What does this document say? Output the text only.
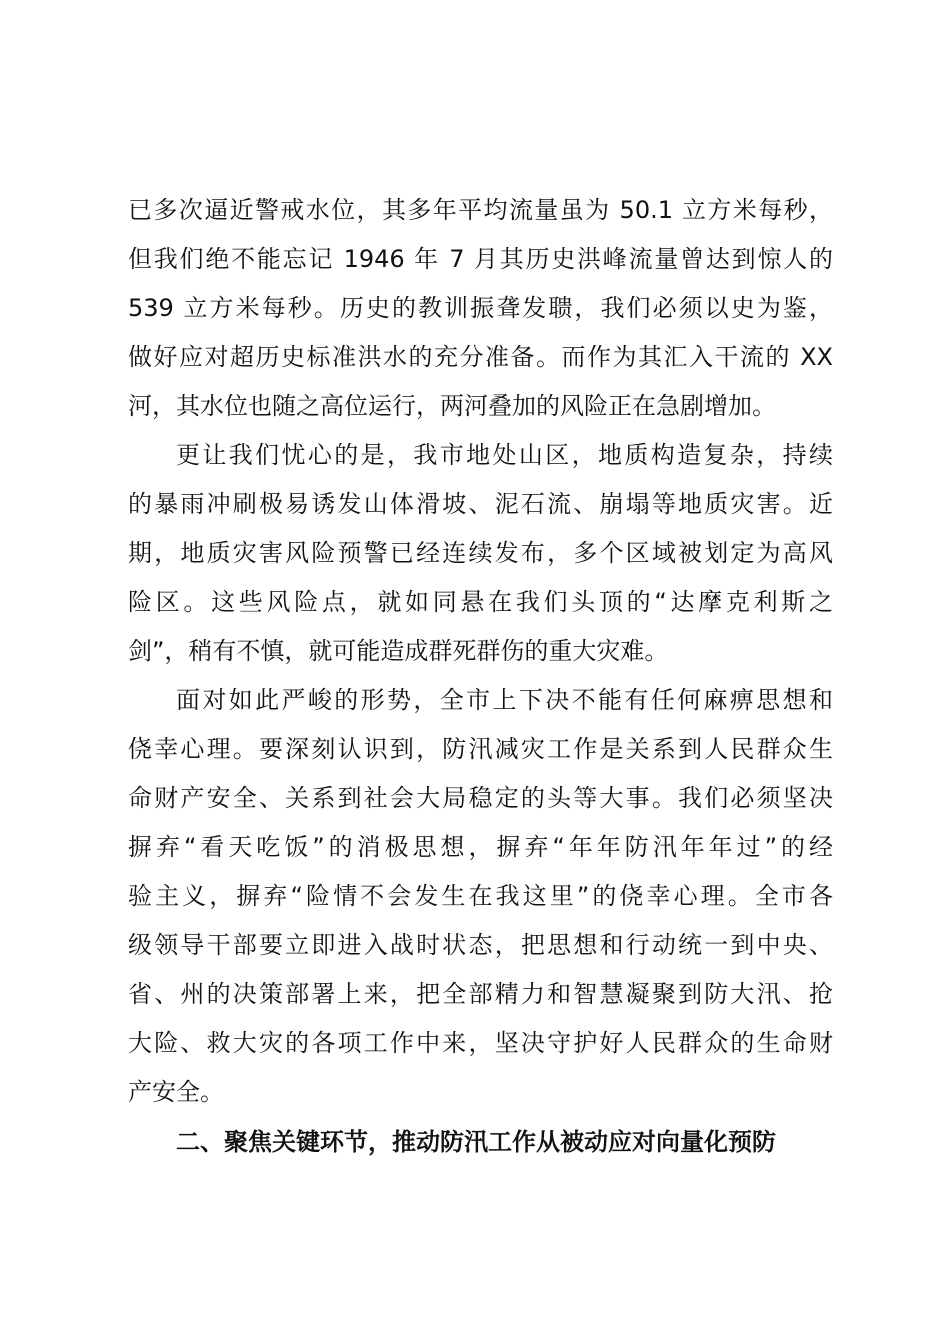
已多次逼近警戒水位，其多年平均流量虽为 50.1 立方米每秒，
但我们绝不能忘记 1946 年 7 月其历史洪峰流量曾达到惊人的
539 立方米每秒。历史的教训振聋发聩，我们必须以史为鉴，
做好应对超历史标准洪水的充分准备。而作为其汇入干流的 XX
河，其水位也随之高位运行，两河叠加的风险正在急剧增加。
更让我们忧心的是，我市地处山区，地质构造复杂，持续
的暴雨冲刷极易诱发山体滑坡、泥石流、崩塌等地质灾害。近
期，地质灾害风险预警已经连续发布，多个区域被划定为高风
险区。这些风险点，就如同悬在我们头顶的“达摩克利斯之
剑”，稍有不慎，就可能造成群死群伤的重大灾难。
面对如此严峻的形势，全市上下决不能有任何麻痹思想和
侥幸心理。要深刻认识到，防汛减灾工作是关系到人民群众生
命财产安全、关系到社会大局稳定的头等大事。我们必须坚决
摒弃“看天吃饭”的消极思想，摒弃“年年防汛年年过”的经
验主义，摒弃“险情不会发生在我这里”的侥幸心理。全市各
级领导干部要立即进入战时状态，把思想和行动统一到中央、
省、州的决策部署上来，把全部精力和智慧凝聚到防大汛、抢
大险、救大灾的各项工作中来，坚决守护好人民群众的生命财
产安全。
二、聚焦关键环节，推动防汛工作从被动应对向量化预防
